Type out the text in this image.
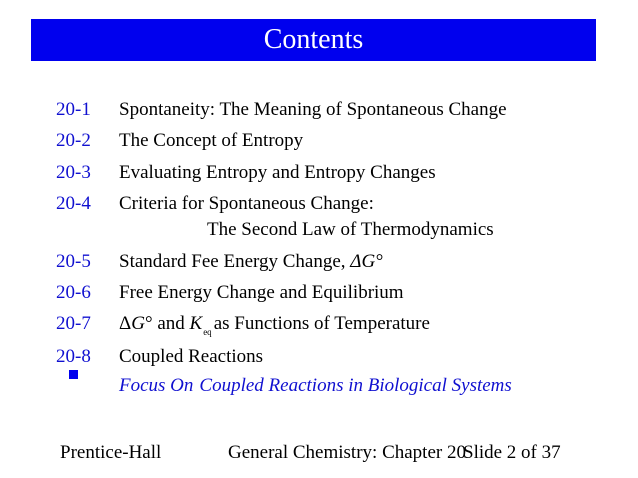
Contents
20-1 Spontaneity: The Meaning of Spontaneous Change
20-2 The Concept of Entropy
20-3 Evaluating Entropy and Entropy Changes
20-4 Criteria for Spontaneous Change:
The Second Law of Thermodynamics
20-5 Standard Fee Energy Change, ΔG°
20-6 Free Energy Change and Equilibrium
20-7 ΔG° and $K_{eq}$ as Functions of Temperature
20-8 Coupled Reactions
Focus On Coupled Reactions in Biological Systems
Prentice-Hall	General Chemistry: Chapter 20
Slide 2 of 37
